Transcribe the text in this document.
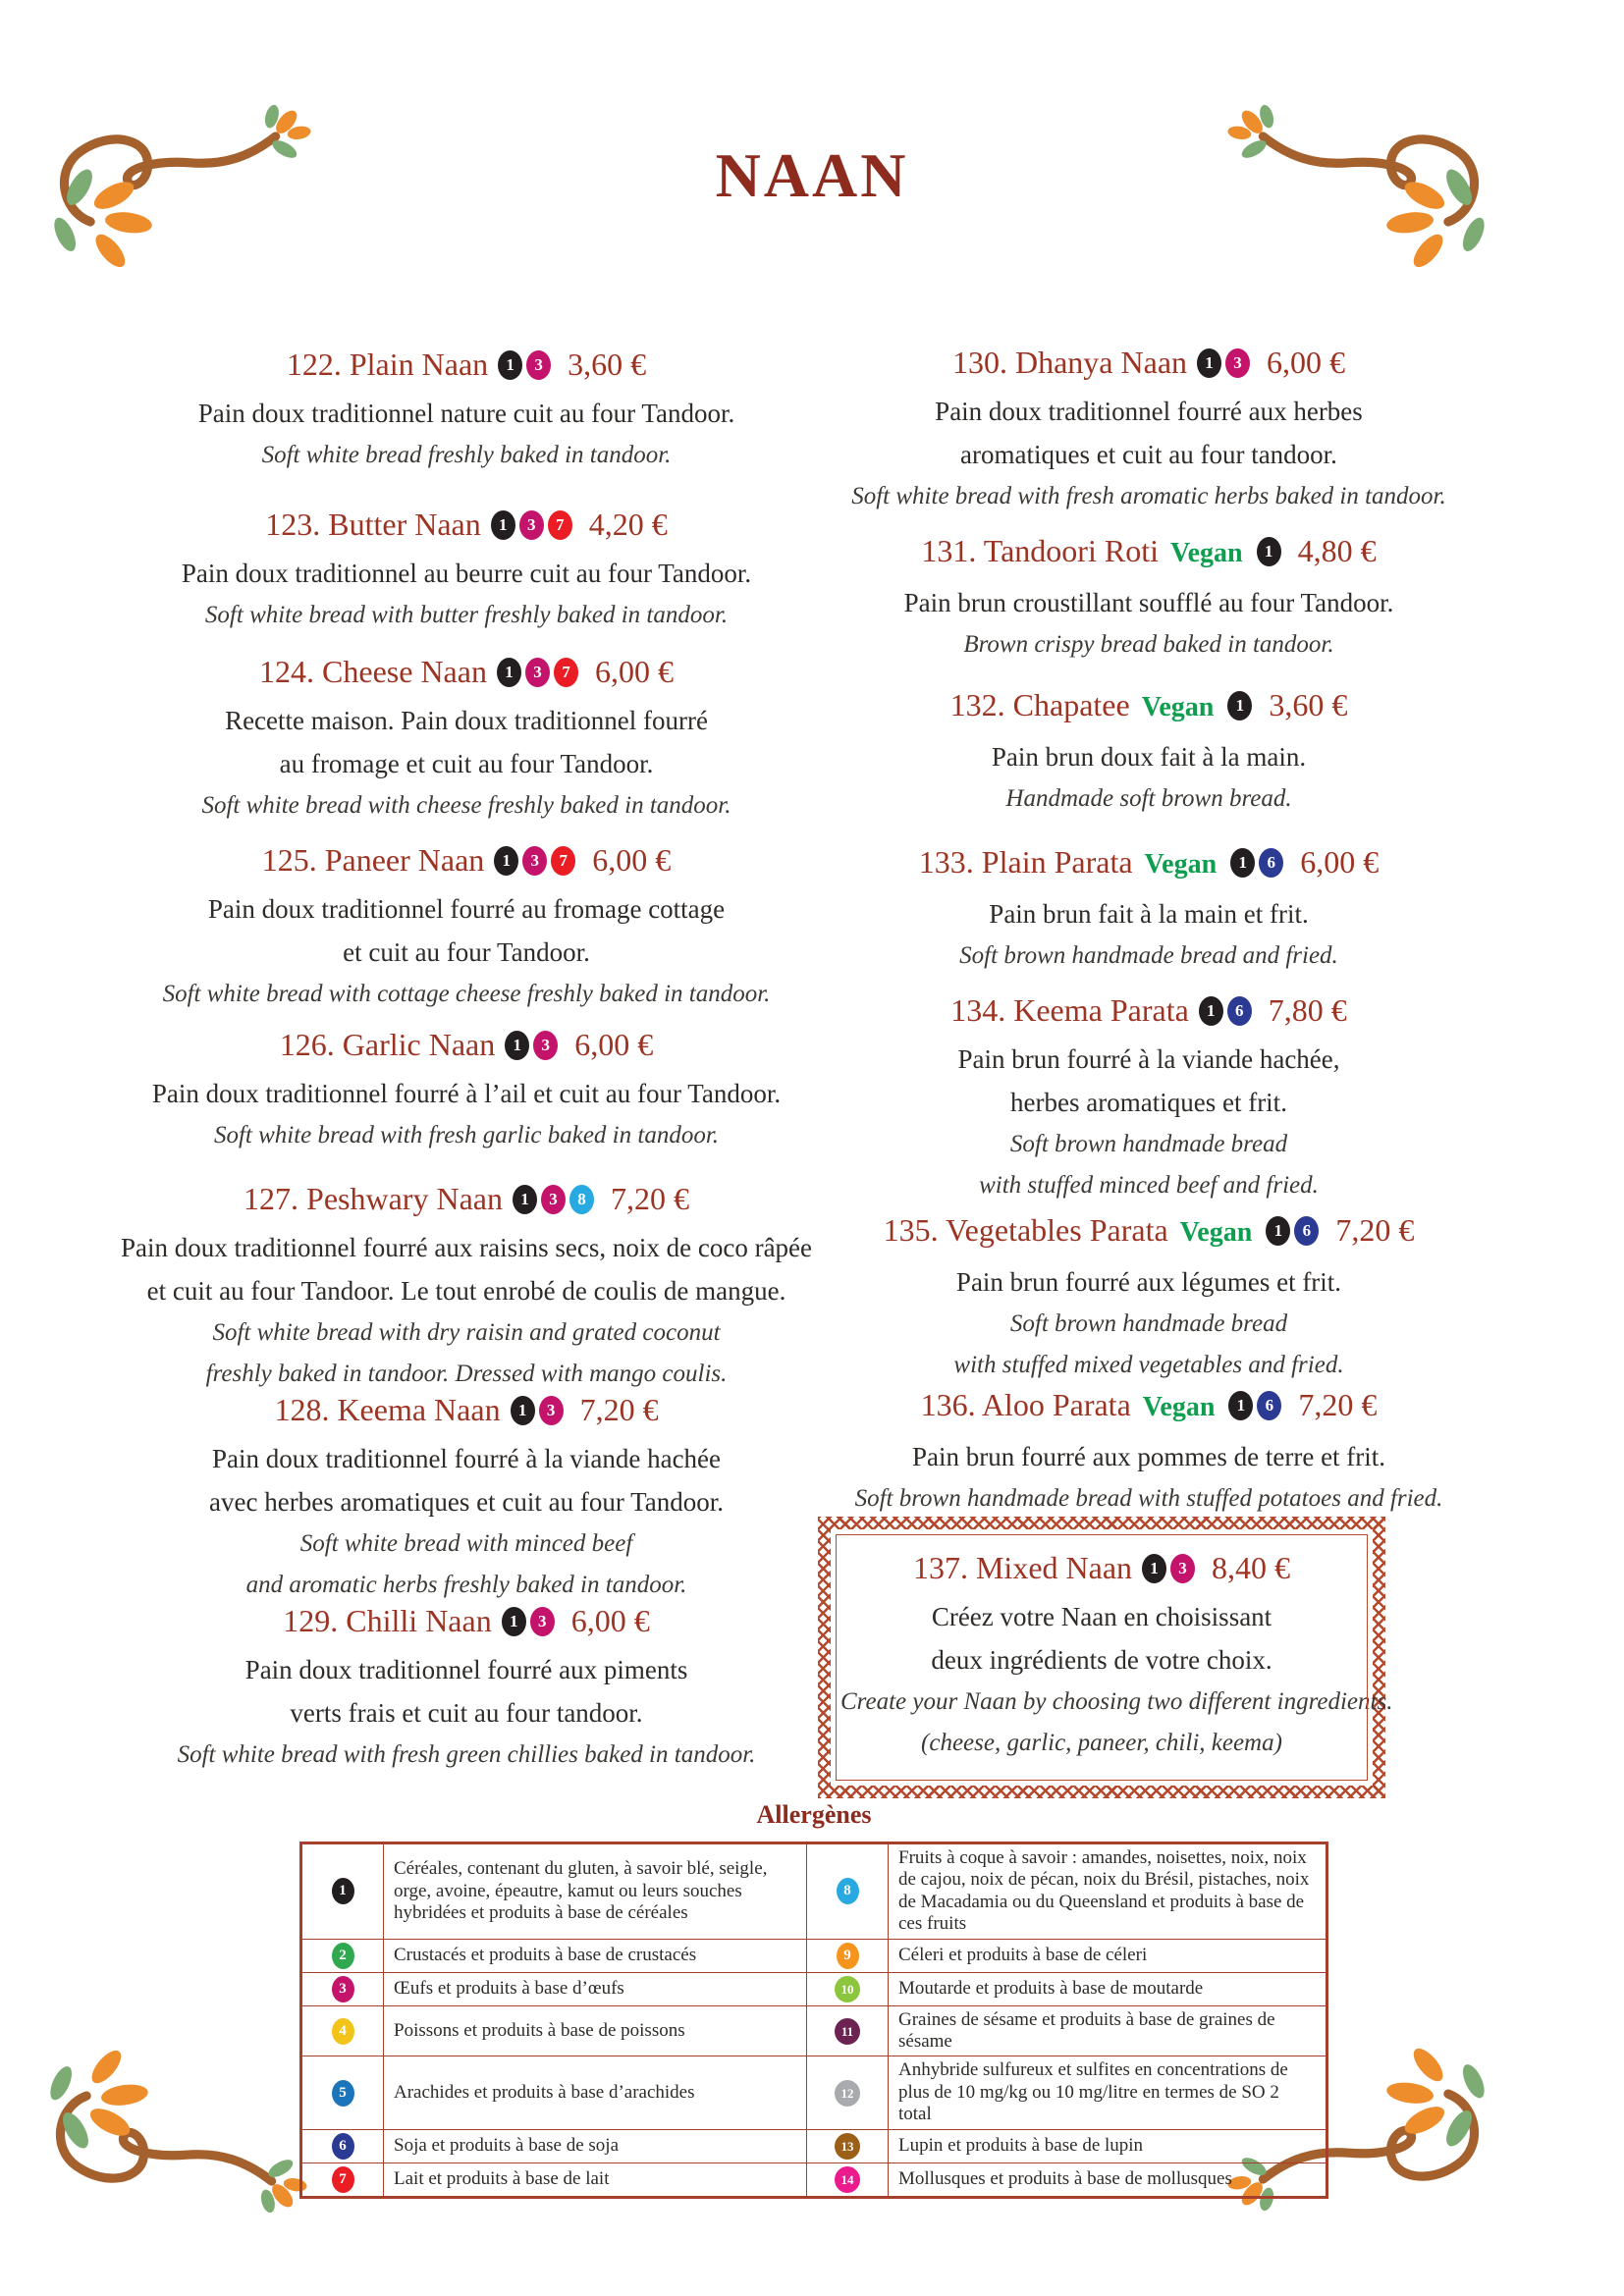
NAAN
137. Mixed Naan 1 3 8,40 €
Créez votre Naan en choisissant
deux ingrédients de votre choix.
Create your Naan by choosing two different ingredients.
(cheese, garlic, paneer, chili, keema)
Allergènes
1	Céréales, contenant du gluten, à savoir blé, seigle, orge, avoine, épeautre, kamut ou leurs souches hybridées et produits à base de céréales	8	Fruits à coque à savoir : amandes, noisettes, noix, noix de cajou, noix de pécan, noix du Brésil, pistaches, noix de Macadamia ou du Queensland et produits à base de ces fruits
2	Crustacés et produits à base de crustacés	9	Céleri et produits à base de céleri
3	Œufs et produits à base d’œufs	10	Moutarde et produits à base de moutarde
4	Poissons et produits à base de poissons	11	Graines de sésame et produits à base de graines de sésame
5	Arachides et produits à base d’arachides	12	Anhybride sulfureux et sulfites en concentrations de plus de 10 mg/kg ou 10 mg/litre en termes de SO 2 total
6	Soja et produits à base de soja	13	Lupin et produits à base de lupin
7	Lait et produits à base de lait	14	Mollusques et produits à base de mollusques
122. Plain Naan 1 3 3,60 €
Pain doux traditionnel nature cuit au four Tandoor.
Soft white bread freshly baked in tandoor.
123. Butter Naan 1 3 7 4,20 €
Pain doux traditionnel au beurre cuit au four Tandoor.
Soft white bread with butter freshly baked in tandoor.
124. Cheese Naan 1 3 7 6,00 €
Recette maison. Pain doux traditionnel fourré
au fromage et cuit au four Tandoor.
Soft white bread with cheese freshly baked in tandoor.
125. Paneer Naan 1 3 7 6,00 €
Pain doux traditionnel fourré au fromage cottage
et cuit au four Tandoor.
Soft white bread with cottage cheese freshly baked in tandoor.
126. Garlic Naan 1 3 6,00 €
Pain doux traditionnel fourré à l’ail et cuit au four Tandoor.
Soft white bread with fresh garlic baked in tandoor.
127. Peshwary Naan 1 3 8 7,20 €
Pain doux traditionnel fourré aux raisins secs, noix de coco râpée
et cuit au four Tandoor. Le tout enrobé de coulis de mangue.
Soft white bread with dry raisin and grated coconut
freshly baked in tandoor. Dressed with mango coulis.
128. Keema Naan 1 3 7,20 €
Pain doux traditionnel fourré à la viande hachée
avec herbes aromatiques et cuit au four Tandoor.
Soft white bread with minced beef
and aromatic herbs freshly baked in tandoor.
129. Chilli Naan 1 3 6,00 €
Pain doux traditionnel fourré aux piments
verts frais et cuit au four tandoor.
Soft white bread with fresh green chillies baked in tandoor.
130. Dhanya Naan 1 3 6,00 €
Pain doux traditionnel fourré aux herbes
aromatiques et cuit au four tandoor.
Soft white bread with fresh aromatic herbs baked in tandoor.
131. Tandoori Roti Vegan 1 4,80 €
Pain brun croustillant soufflé au four Tandoor.
Brown crispy bread baked in tandoor.
132. Chapatee Vegan 1 3,60 €
Pain brun doux fait à la main.
Handmade soft brown bread.
133. Plain Parata Vegan 1 6 6,00 €
Pain brun fait à la main et frit.
Soft brown handmade bread and fried.
134. Keema Parata 1 6 7,80 €
Pain brun fourré à la viande hachée,
herbes aromatiques et frit.
Soft brown handmade bread
with stuffed minced beef and fried.
135. Vegetables Parata Vegan 1 6 7,20 €
Pain brun fourré aux légumes et frit.
Soft brown handmade bread
with stuffed mixed vegetables and fried.
136. Aloo Parata Vegan 1 6 7,20 €
Pain brun fourré aux pommes de terre et frit.
Soft brown handmade bread with stuffed potatoes and fried.
